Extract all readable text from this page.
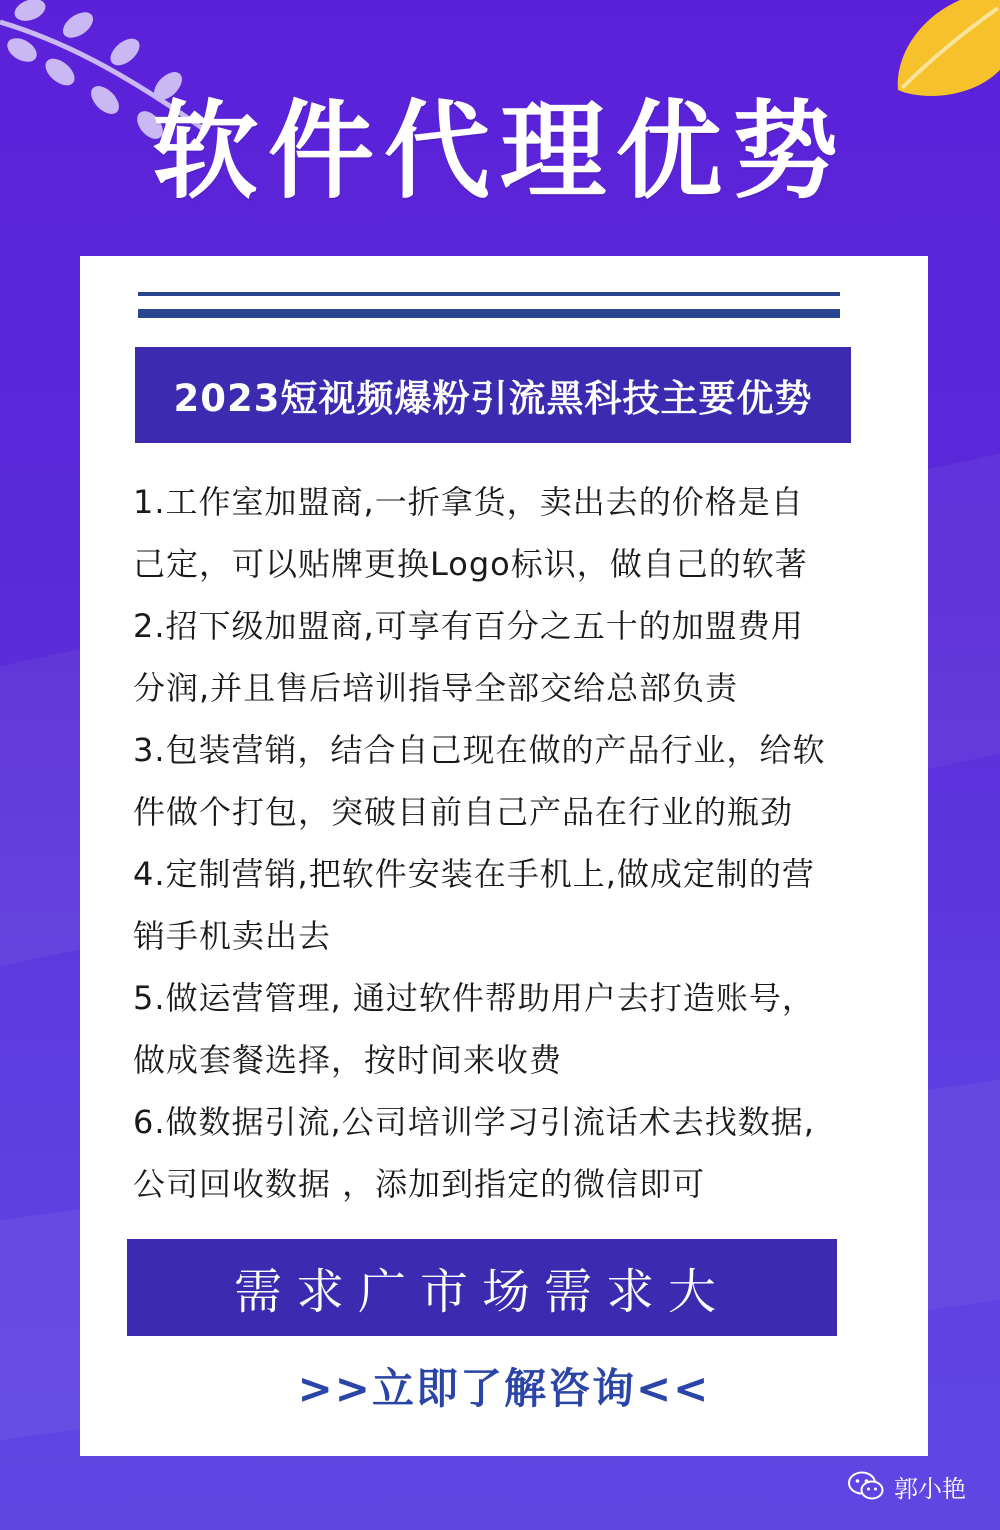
软件代理优势
2023短视频爆粉引流黑科技主要优势
1.工作室加盟商,一折拿货，卖出去的价格是自
己定，可以贴牌更换Logo标识，做自己的软著
2.招下级加盟商,可享有百分之五十的加盟费用
分润,并且售后培训指导全部交给总部负责
3.包装营销，结合自己现在做的产品行业，给软
件做个打包，突破目前自己产品在行业的瓶劲
4.定制营销,把软件安装在手机上,做成定制的营
销手机卖出去
5.做运营管理, 通过软件帮助用户去打造账号，
做成套餐选择，按时间来收费
6.做数据引流,公司培训学习引流话术去找数据,
公司回收数据 ，添加到指定的微信即可
需求广市场需求大
>>立即了解咨询<<
郭小艳
